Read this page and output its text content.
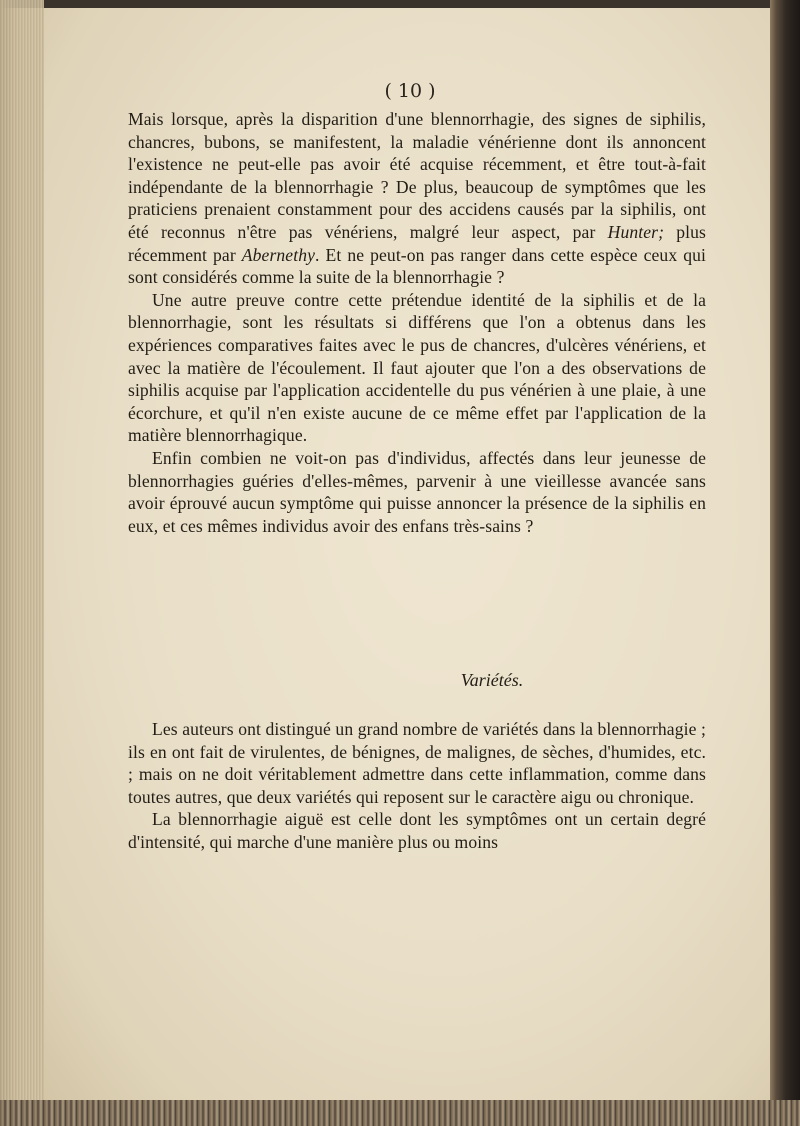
( 10 )

Mais lorsque, après la disparition d'une blennorrhagie, des signes de siphilis, chancres, bubons, se manifestent, la maladie vénérienne dont ils annoncent l'existence ne peut-elle pas avoir été acquise récemment, et être tout-à-fait indépendante de la blennorrhagie ? De plus, beaucoup de symptômes que les praticiens prenaient constamment pour des accidens causés par la siphilis, ont été reconnus n'être pas vénériens, malgré leur aspect, par Hunter; plus récemment par Abernethy. Et ne peut-on pas ranger dans cette espèce ceux qui sont considérés comme la suite de la blennorrhagie ?

Une autre preuve contre cette prétendue identité de la siphilis et de la blennorrhagie, sont les résultats si différens que l'on a obtenus dans les expériences comparatives faites avec le pus de chancres, d'ulcères vénériens, et avec la matière de l'écoulement. Il faut ajouter que l'on a des observations de siphilis acquise par l'application accidentelle du pus vénérien à une plaie, à une écorchure, et qu'il n'en existe aucune de ce même effet par l'application de la matière blennorrhagique.

Enfin combien ne voit-on pas d'individus, affectés dans leur jeunesse de blennorrhagies guéries d'elles-mêmes, parvenir à une vieillesse avancée sans avoir éprouvé aucun symptôme qui puisse annoncer la présence de la siphilis en eux, et ces mêmes individus avoir des enfans très-sains ?

Variétés.

Les auteurs ont distingué un grand nombre de variétés dans la blennorrhagie ; ils en ont fait de virulentes, de bénignes, de malignes, de sèches, d'humides, etc. ; mais on ne doit véritablement admettre dans cette inflammation, comme dans toutes autres, que deux variétés qui reposent sur le caractère aigu ou chronique.

La blennorrhagie aiguë est celle dont les symptômes ont un certain degré d'intensité, qui marche d'une manière plus ou moins
